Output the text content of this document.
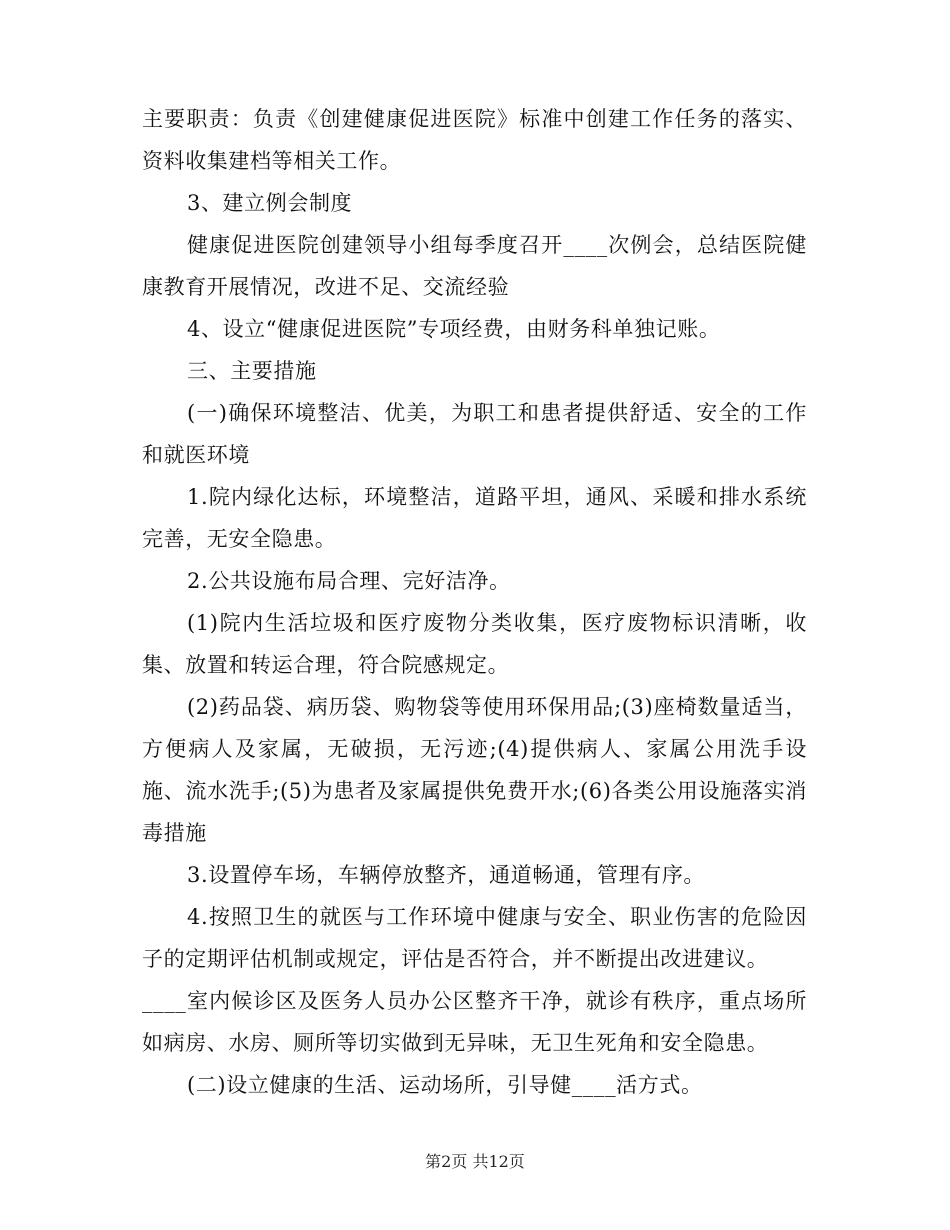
主要职责：负责《创建健康促进医院》标准中创建工作任务的落实、资料收集建档等相关工作。

3、建立例会制度

健康促进医院创建领导小组每季度召开____次例会，总结医院健康教育开展情况，改进不足、交流经验

4、设立“健康促进医院”专项经费，由财务科单独记账。

三、主要措施

(一)确保环境整洁、优美，为职工和患者提供舒适、安全的工作和就医环境

1.院内绿化达标，环境整洁，道路平坦，通风、采暖和排水系统完善，无安全隐患。

2.公共设施布局合理、完好洁净。

(1)院内生活垃圾和医疗废物分类收集，医疗废物标识清晰，收集、放置和转运合理，符合院感规定。

(2)药品袋、病历袋、购物袋等使用环保用品;(3)座椅数量适当，方便病人及家属，无破损，无污迹;(4)提供病人、家属公用洗手设施、流水洗手;(5)为患者及家属提供免费开水;(6)各类公用设施落实消毒措施

3.设置停车场，车辆停放整齐，通道畅通，管理有序。

4.按照卫生的就医与工作环境中健康与安全、职业伤害的危险因子的定期评估机制或规定，评估是否符合，并不断提出改进建议。

____室内候诊区及医务人员办公区整齐干净，就诊有秩序，重点场所如病房、水房、厕所等切实做到无异味，无卫生死角和安全隐患。

(二)设立健康的生活、运动场所，引导健____活方式。

第2页 共12页
